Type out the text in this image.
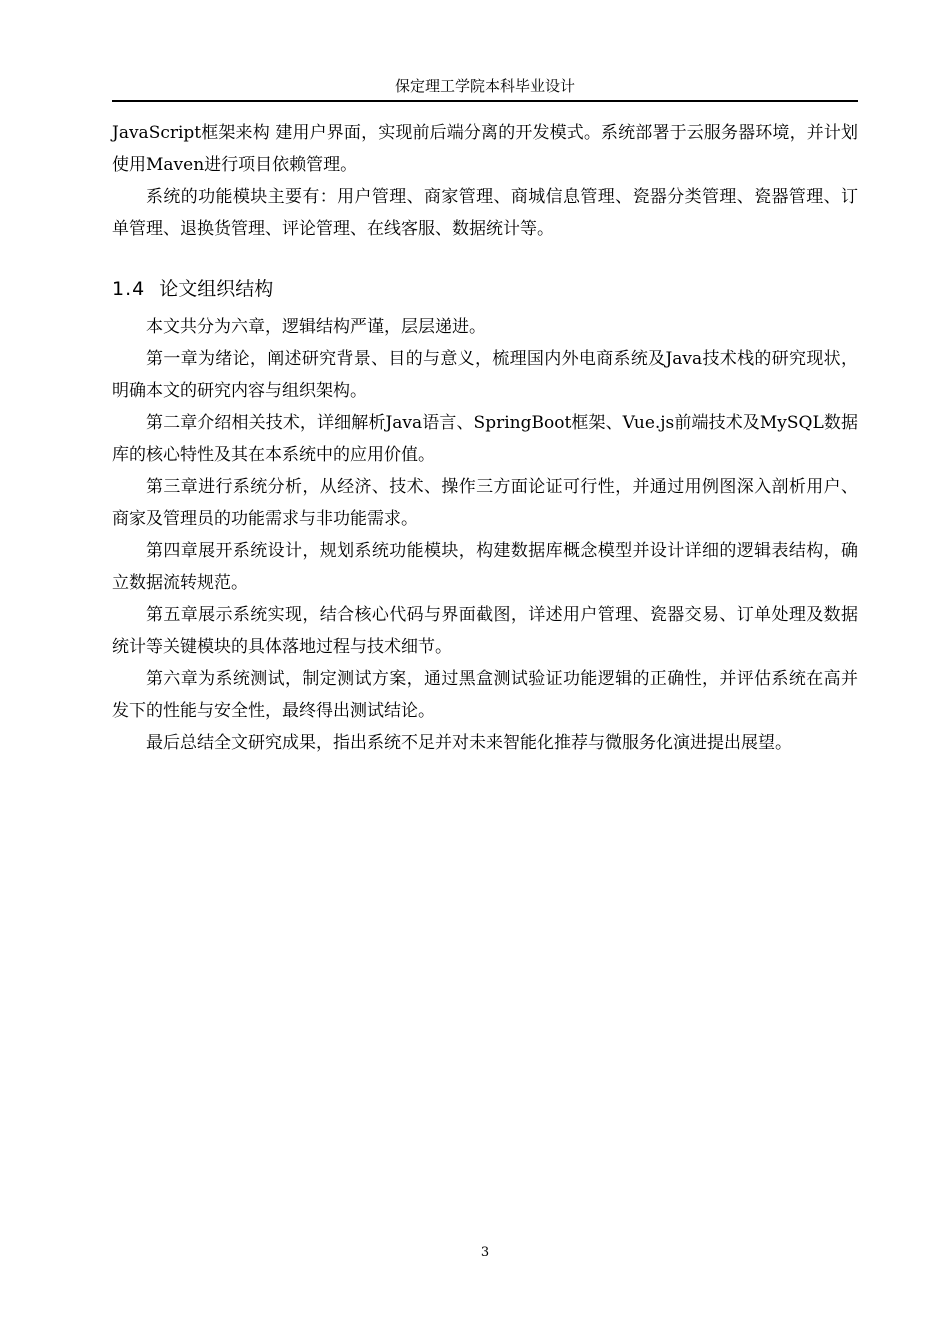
保定理工学院本科毕业设计

JavaScript框架来构 建用户界面，实现前后端分离的开发模式。系统部署于云服务器环境，并计划使用Maven进行项目依赖管理。

系统的功能模块主要有：用户管理、商家管理、商城信息管理、瓷器分类管理、瓷器管理、订单管理、退换货管理、评论管理、在线客服、数据统计等。

1.4 论文组织结构

本文共分为六章，逻辑结构严谨，层层递进。

第一章为绪论，阐述研究背景、目的与意义，梳理国内外电商系统及Java技术栈的研究现状，明确本文的研究内容与组织架构。

第二章介绍相关技术，详细解析Java语言、SpringBoot框架、Vue.js前端技术及MySQL数据库的核心特性及其在本系统中的应用价值。

第三章进行系统分析，从经济、技术、操作三方面论证可行性，并通过用例图深入剖析用户、商家及管理员的功能需求与非功能需求。

第四章展开系统设计，规划系统功能模块，构建数据库概念模型并设计详细的逻辑表结构，确立数据流转规范。

第五章展示系统实现，结合核心代码与界面截图，详述用户管理、瓷器交易、订单处理及数据统计等关键模块的具体落地过程与技术细节。

第六章为系统测试，制定测试方案，通过黑盒测试验证功能逻辑的正确性，并评估系统在高并发下的性能与安全性，最终得出测试结论。

最后总结全文研究成果，指出系统不足并对未来智能化推荐与微服务化演进提出展望。

3
